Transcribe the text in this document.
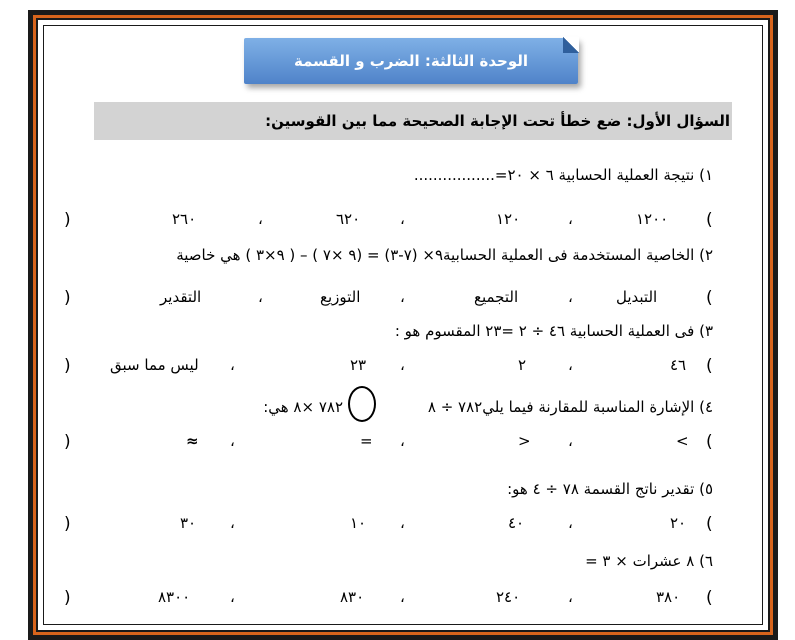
الوحدة الثالثة: الضرب و القسمة
السؤال الأول: ضع خطأ تحت الإجابة الصحيحة مما بين القوسين:
١) نتيجة العملية الحسابية ٦ × ٢٠=.................
(
١٢٠٠
،
١٢٠
،
٦٢٠
،
٢٦٠
)
٢) الخاصية المستخدمة فى العملية الحسابية٩× (٧-٣) = (٩ ×٧ ) – ( ٩×٣ ) هي خاصية
(
التبديل
،
التجميع
،
التوزيع
،
التقدير
)
٣) فى العملية الحسابية ٤٦ ÷ ٢ =٢٣ المقسوم هو :
(
٤٦
،
٢
،
٢٣
،
ليس مما سبق
)
٤) الإشارة المناسبة للمقارنة فيما يلي٧٨٢ ÷ ٨
٧٨٢ ×٨ هي:
(
>
،
<
،
=
،
≈
)
٥) تقدير ناتج القسمة ٧٨ ÷ ٤ هو:
(
٢٠
،
٤٠
،
١٠
،
٣٠
)
٦) ٨ عشرات × ٣ =
(
٣٨٠
،
٢٤٠
،
٨٣٠
،
٨٣٠٠
)
